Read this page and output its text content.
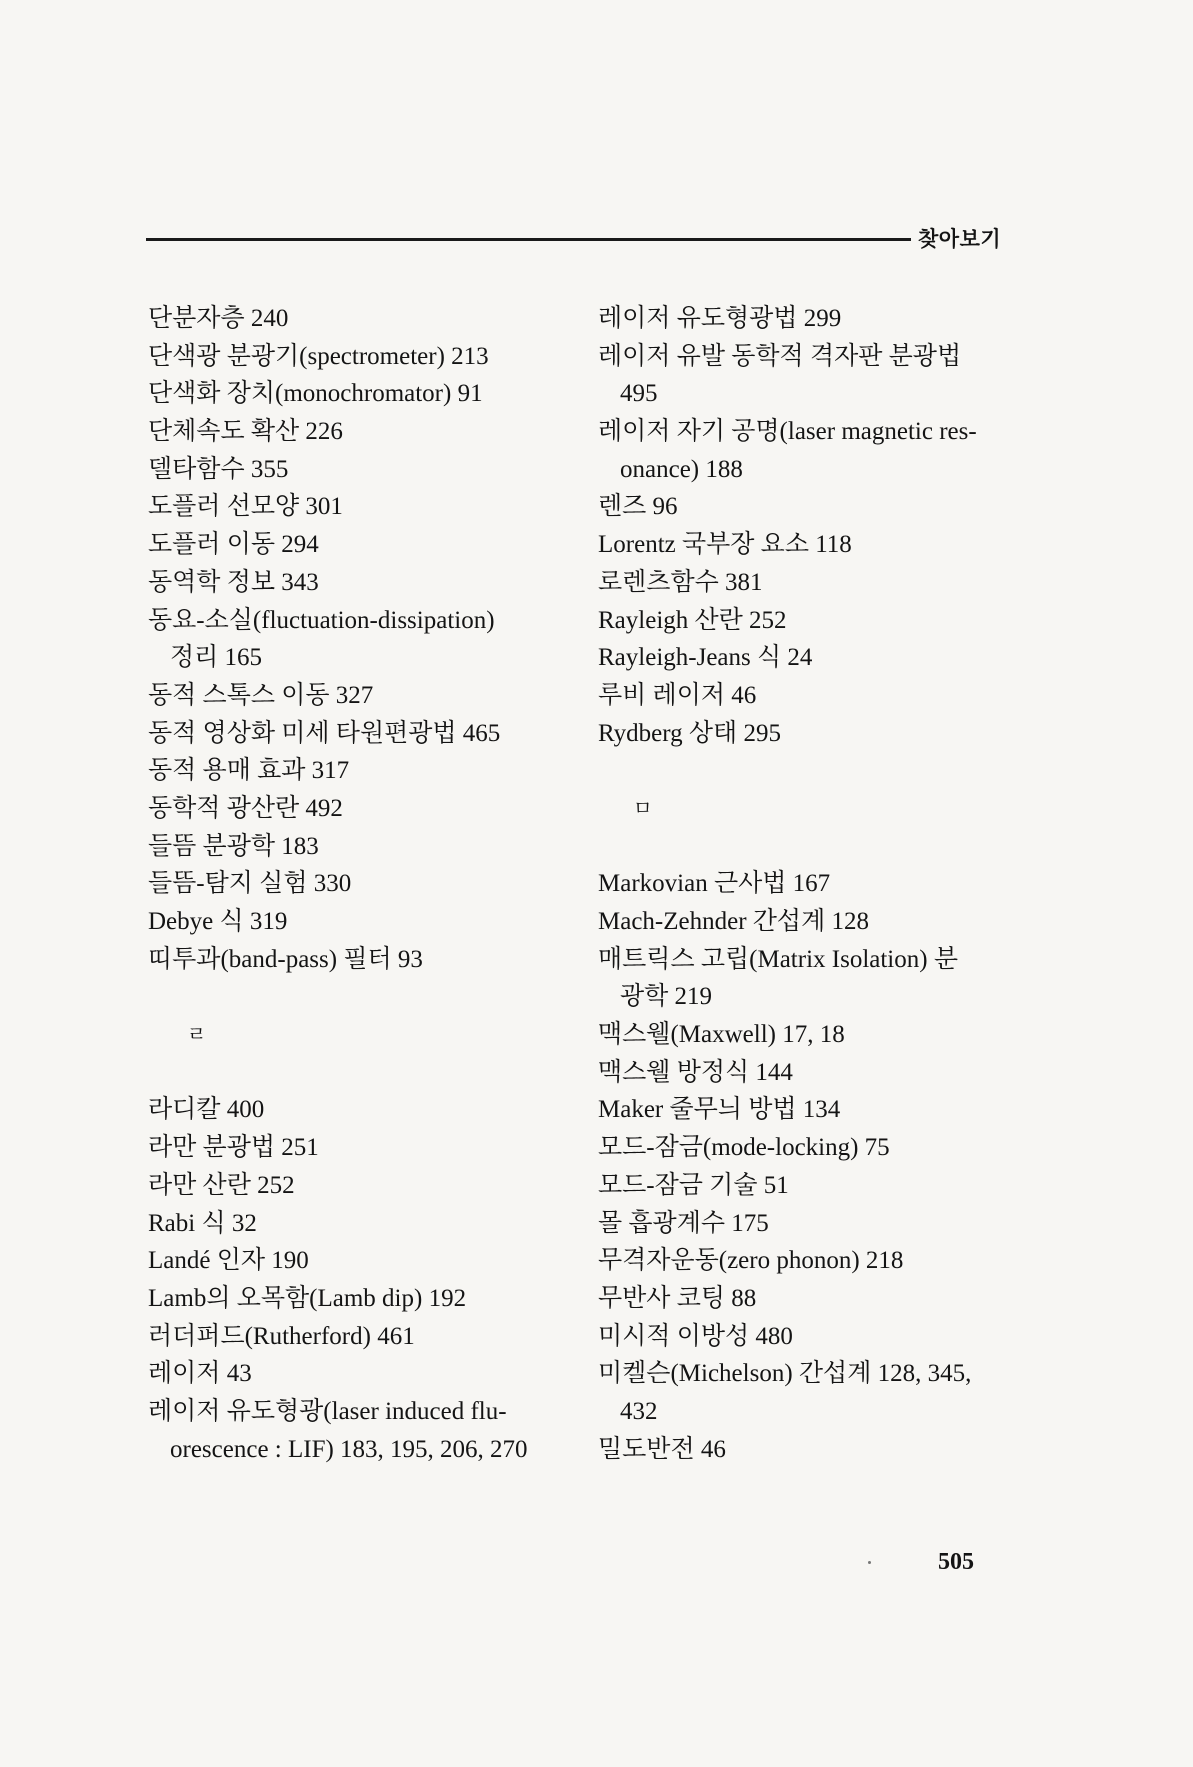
찾아보기
단분자층 240
단색광 분광기(spectrometer) 213
단색화 장치(monochromator) 91
단체속도 확산 226
델타함수 355
도플러 선모양 301
도플러 이동 294
동역학 정보 343
동요-소실(fluctuation-dissipation)
정리 165
동적 스톡스 이동 327
동적 영상화 미세 타원편광법 465
동적 용매 효과 317
동학적 광산란 492
들뜸 분광학 183
들뜸-탐지 실험 330
Debye 식 319
띠투과(band-pass) 필터 93
ㄹ
라디칼 400
라만 분광법 251
라만 산란 252
Rabi 식 32
Landé 인자 190
Lamb의 오목함(Lamb dip) 192
러더퍼드(Rutherford) 461
레이저 43
레이저 유도형광(laser induced flu-
orescence : LIF) 183, 195, 206, 270
레이저 유도형광법 299
레이저 유발 동학적 격자판 분광법
495
레이저 자기 공명(laser magnetic res-
onance) 188
렌즈 96
Lorentz 국부장 요소 118
로렌츠함수 381
Rayleigh 산란 252
Rayleigh-Jeans 식 24
루비 레이저 46
Rydberg 상태 295
ㅁ
Markovian 근사법 167
Mach-Zehnder 간섭계 128
매트릭스 고립(Matrix Isolation) 분
광학 219
맥스웰(Maxwell) 17, 18
맥스웰 방정식 144
Maker 줄무늬 방법 134
모드-잠금(mode-locking) 75
모드-잠금 기술 51
몰 흡광계수 175
무격자운동(zero phonon) 218
무반사 코팅 88
미시적 이방성 480
미켈슨(Michelson) 간섭계 128, 345,
432
밀도반전 46
505
